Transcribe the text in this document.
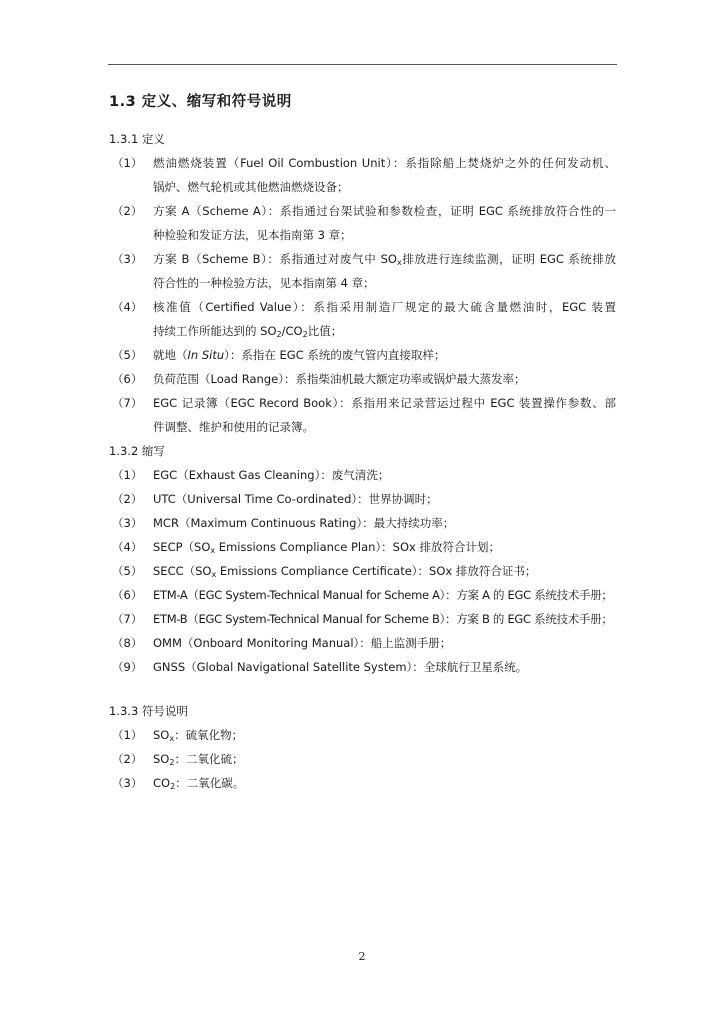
1.3 定义、缩写和符号说明
1.3.1 定义
（1） 燃油燃烧装置（Fuel Oil Combustion Unit）：系指除船上焚烧炉之外的任何发动机、
锅炉、燃气轮机或其他燃油燃烧设备；
（2） 方案 A（Scheme A）：系指通过台架试验和参数检查，证明 EGC 系统排放符合性的一
种检验和发证方法，见本指南第 3 章；
（3） 方案 B（Scheme B）：系指通过对废气中 $SO_x$排放进行连续监测，证明 EGC 系统排放
符合性的一种检验方法，见本指南第 4 章；
（4） 核准值（Certified Value）：系指采用制造厂规定的最大硫含量燃油时，EGC 装置
持续工作所能达到的 $SO_2/CO_2$比值；
（5） 就地（In Situ）：系指在 EGC 系统的废气管内直接取样；
（6） 负荷范围（Load Range）：系指柴油机最大额定功率或锅炉最大蒸发率；
（7） EGC 记录簿（EGC Record Book）：系指用来记录营运过程中 EGC 装置操作参数、部
件调整、维护和使用的记录簿。
1.3.2 缩写
（1） EGC（Exhaust Gas Cleaning）：废气清洗；
（2） UTC（Universal Time Co-ordinated）：世界协调时；
（3） MCR（Maximum Continuous Rating）：最大持续功率；
（4） $SECP(SO_x$ Emissions Compliance Plan）：SOx 排放符合计划；
（5） $SECC(SO_x$ Emissions Compliance Certificate）：SOx 排放符合证书；
（6） ETM-A（EGC System-Technical Manual for Scheme A）：方案 A 的 EGC 系统技术手册；
（7） ETM-B（EGC System-Technical Manual for Scheme B）：方案 B 的 EGC 系统技术手册；
（8） OMM（Onboard Monitoring Manual）：船上监测手册；
（9） GNSS（Global Navigational Satellite System）：全球航行卫星系统。
1.3.3 符号说明
（1） $SO_x$：硫氧化物；
（2） $SO_2$：二氧化硫；
（3） $CO_2$：二氧化碳。
2
